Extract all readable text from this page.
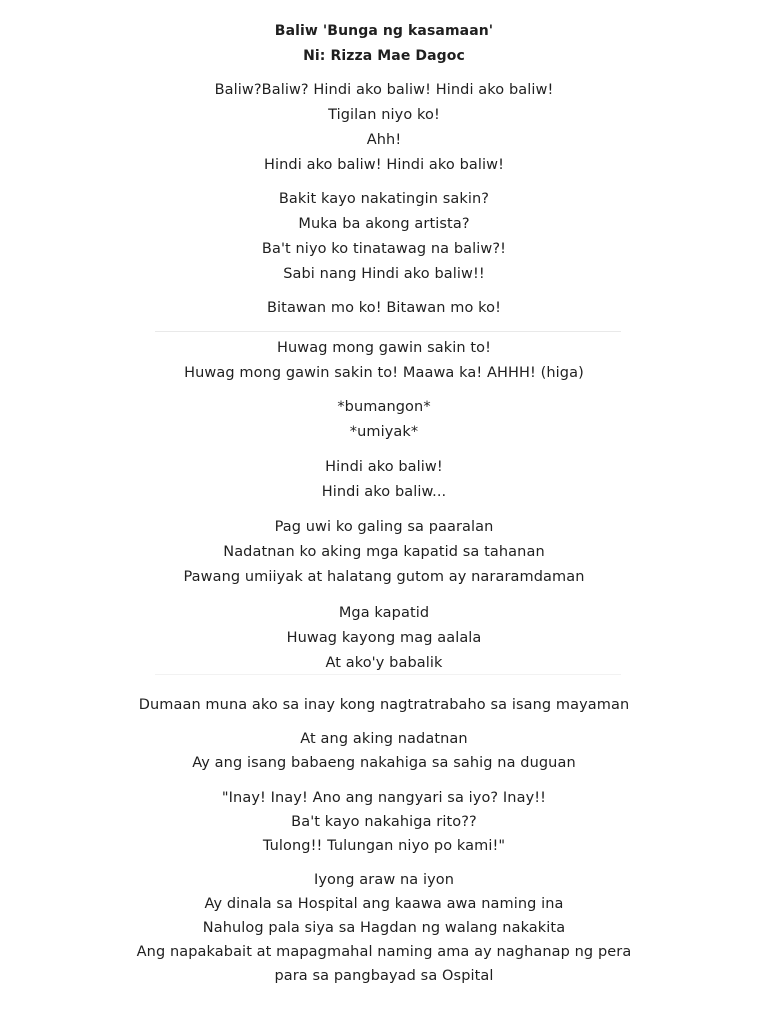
Baliw 'Bunga ng kasamaan'
Ni: Rizza Mae Dagoc
Baliw?Baliw? Hindi ako baliw! Hindi ako baliw!
Tigilan niyo ko!
Ahh!
Hindi ako baliw! Hindi ako baliw!
Bakit kayo nakatingin sakin?
Muka ba akong artista?
Ba't niyo ko tinatawag na baliw?!
Sabi nang Hindi ako baliw!!
Bitawan mo ko! Bitawan mo ko!
Huwag mong gawin sakin to!
Huwag mong gawin sakin to! Maawa ka! AHHH! (higa)
*bumangon*
*umiyak*
Hindi ako baliw!
Hindi ako baliw...
Pag uwi ko galing sa paaralan
Nadatnan ko aking mga kapatid sa tahanan
Pawang umiiyak at halatang gutom ay nararamdaman
Mga kapatid
Huwag kayong mag aalala
At ako'y babalik
Dumaan muna ako sa inay kong nagtratrabaho sa isang mayaman
At ang aking nadatnan
Ay ang isang babaeng nakahiga sa sahig na duguan
"Inay! Inay! Ano ang nangyari sa iyo? Inay!!
Ba't kayo nakahiga rito??
Tulong!! Tulungan niyo po kami!"
Iyong araw na iyon
Ay dinala sa Hospital ang kaawa awa naming ina
Nahulog pala siya sa Hagdan ng walang nakakita
Ang napakabait at mapagmahal naming ama ay naghanap ng pera
para sa pangbayad sa Ospital
